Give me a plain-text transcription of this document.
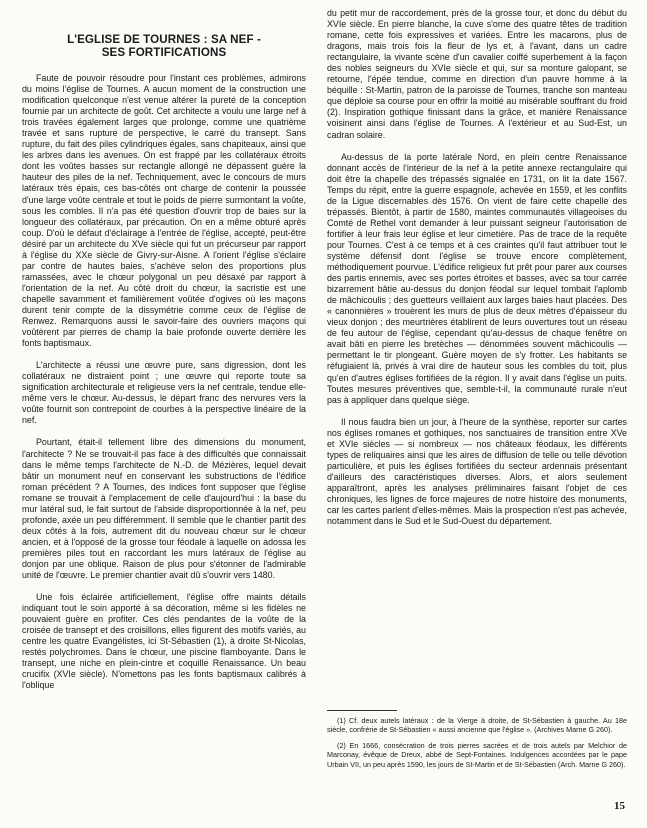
L'EGLISE DE TOURNES : SA NEF -
SES FORTIFICATIONS

Faute de pouvoir résoudre pour l'instant ces problèmes, admirons du moins l'église de Tournes. A aucun moment de la construction une modification quelconque n'est venue altérer la pureté de la conception fournie par un architecte de goût. Cet architecte a voulu une large nef à trois travées également larges que prolonge, comme une quatrième travée et sans rupture de perspective, le carré du transept. Sans rupture, du fait des piles cylindriques égales, sans chapiteaux, ainsi que les arbres dans les avenues. On est frappé par les collatéraux étroits dont les voûtes basses sur rectangle allongé ne dépassent guère la hauteur des piles de la nef. Techniquement, avec le concours de murs latéraux très épais, ces bas-côtés ont charge de contenir la poussée d'une large voûte centrale et tout le poids de pierre surmontant la voûte, sous les combles. Il n'a pas été question d'ouvrir trop de baies sur la longueur des collatéraux, par précaution. On en a même obturé après coup. D'où le défaut d'éclairage à l'entrée de l'église, accepté, peut-être désiré par un architecte du XVe siècle qui fut un précurseur par rapport à l'église du XXe siècle de Givry-sur-Aisne. A l'orient l'église s'éclaire par contre de hautes baies, s'achève selon des proportions plus ramassées, avec le chœur polygonal un peu désaxé par rapport à l'orientation de la nef. Au côté droit du chœur, la sacristie est une chapelle savamment et familièrement voûtée d'ogives où les maçons durent tenir compte de la dissymétrie comme ceux de l'église de Renwez. Remarquons aussi le savoir-faire des ouvriers maçons qui voûtèrent par pierres de champ la baie profonde ouverte derrière les fonts baptismaux.

L'architecte a réussi une œuvre pure, sans digression, dont les collatéraux ne distraient point ; une œuvre qui reporte toute sa signification architecturale et religieuse vers la nef centrale, tendue elle-même vers le chœur. Au-dessus, le départ franc des nervures vers la voûte fournit son contrepoint de courbes à la perspective linéaire de la nef.

Pourtant, était-il tellement libre des dimensions du monument, l'architecte ? Ne se trouvait-il pas face à des difficultés que connaissait dans le même temps l'architecte de N.-D. de Mézières, lequel devait bâtir un monument neuf en conservant les substructions de l'édifice roman précédent ? A Tournes, des indices font supposer que l'église romane se trouvait à l'emplacement de celle d'aujourd'hui : la base du mur latéral sud, le fait surtout de l'abside disproportionnée à la nef, peu profonde, axée un peu différemment. Il semble que le chantier partit des deux côtés à la fois, autrement dit du nouveau chœur sur le chœur ancien, et à l'opposé de la grosse tour féodale à laquelle on adossa les premières piles tout en raccordant les murs latéraux de l'église au donjon par une oblique. Raison de plus pour s'étonner de l'admirable unité de l'œuvre. Le premier chantier avait dû s'ouvrir vers 1480.

Une fois éclairée artificiellement, l'église offre maints détails indiquant tout le soin apporté à sa décoration, même si les fidèles ne pouvaient guère en profiter. Ces clés pendantes de la voûte de la croisée de transept et des croisillons, elles figurent des motifs variés, au centre les quatre Evangélistes, ici St-Sébastien (1), à droite St-Nicolas, restés polychromes. Dans le chœur, une piscine flamboyante. Dans le transept, une niche en plein-cintre et coquille Renaissance. Un beau crucifix (XVIe siècle). N'omettons pas les fonts baptismaux calibrés à l'oblique

du petit mur de raccordement, près de la grosse tour, et donc du début du XVIe siècle. En pierre blanche, la cuve s'orne des quatre têtes de tradition romane, cette fois expressives et variées. Entre les macarons, plus de dragons, mais trois fois la fleur de lys et, à l'avant, dans un cadre rectangulaire, la vivante scène d'un cavalier coiffé superbement à la façon des nobles seigneurs du XVIe siècle et qui, sur sa monture galopant, se retourne, l'épée tendue, comme en direction d'un pauvre homme à la béquille : St-Martin, patron de la paroisse de Tournes, tranche son manteau que déploie sa course pour en offrir la moitié au misérable souffrant du froid (2). Inspiration gothique finissant dans la grâce, et manière Renaissance voisinent ainsi dans l'église de Tournes. A l'extérieur et au Sud-Est, un cadran solaire.

Au-dessus de la porte latérale Nord, en plein centre Renaissance donnant accès de l'intérieur de la nef à la petite annexe rectangulaire qui doit être la chapelle des trépassés signalée en 1731, on lit la date 1567. Temps du répit, entre la guerre espagnole, achevée en 1559, et les conflits de la Ligue discernables dès 1576. On vient de faire cette chapelle des trépassés. Bientôt, à partir de 1580, maintes communautés villageoises du Comté de Rethel vont demander à leur puissant seigneur l'autorisation de fortifier à leur frais leur église et leur cimetière. Pas de trace de la requête pour Tournes. C'est à ce temps et à ces craintes qu'il faut attribuer tout le système défensif dont l'église se trouve encore complètement, méthodiquement pourvue. L'édifice religieux fut prêt pour parer aux courses des partis ennemis, avec ses portes étroites et basses, avec sa tour carrée bizarrement bâtie au-dessus du donjon féodal sur lequel tombait l'aplomb de mâchicoulis ; des guetteurs veillaient aux larges baies haut placées. Des « canonnières » trouèrent les murs de plus de deux mètres d'épaisseur du vieux donjon ; des meurtrières établirent de leurs ouvertures tout un réseau de feu autour de l'église, cependant qu'au-dessus de chaque fenêtre on avait bâti en pierre les bretèches — dénommées souvent mâchicoulis — permettant le tir plongeant. Guère moyen de s'y frotter. Les habitants se réfugiaient là, privés à vrai dire de hauteur sous les combles du toit, plus qu'en d'autres églises fortifiées de la région. Il y avait dans l'église un puits. Toutes mesures préventives que, semble-t-il, la communauté rurale n'eut pas à appliquer dans quelque siège.

Il nous faudra bien un jour, à l'heure de la synthèse, reporter sur cartes nos églises romanes et gothiques, nos sanctuaires de transition entre XVe et XVIe siècles — si nombreux — nos châteaux féodaux, les différents types de reliquaires ainsi que les aires de diffusion de telle ou telle dévotion particulière, et puis les églises fortifiées du secteur ardennais présentant d'ailleurs des caractéristiques diverses. Alors, et alors seulement apparaîtront, après les analyses préliminaires faisant l'objet de ces chroniques, les lignes de force majeures de notre histoire des monuments, car les cartes parlent d'elles-mêmes. Mais la prospection n'est pas achevée, notamment dans le Sud et le Sud-Ouest du département.

(1) Cf. deux autels latéraux : de la Vierge à droite, de St-Sébastien à gauche. Au 18e siècle, confrérie de St-Sébastien « aussi ancienne que l'église ». (Archives Marne G 260).

(2) En 1666, consécration de trois pierres sacrées et de trois autels par Melchior de Marconay, évêque de Dreux, abbé de Sept-Fontaines. Indulgences accordées par le pape Urbain VII, un peu après 1590, les jours de St-Martin et de St-Sébastien (Arch. Marne G 260).

15
